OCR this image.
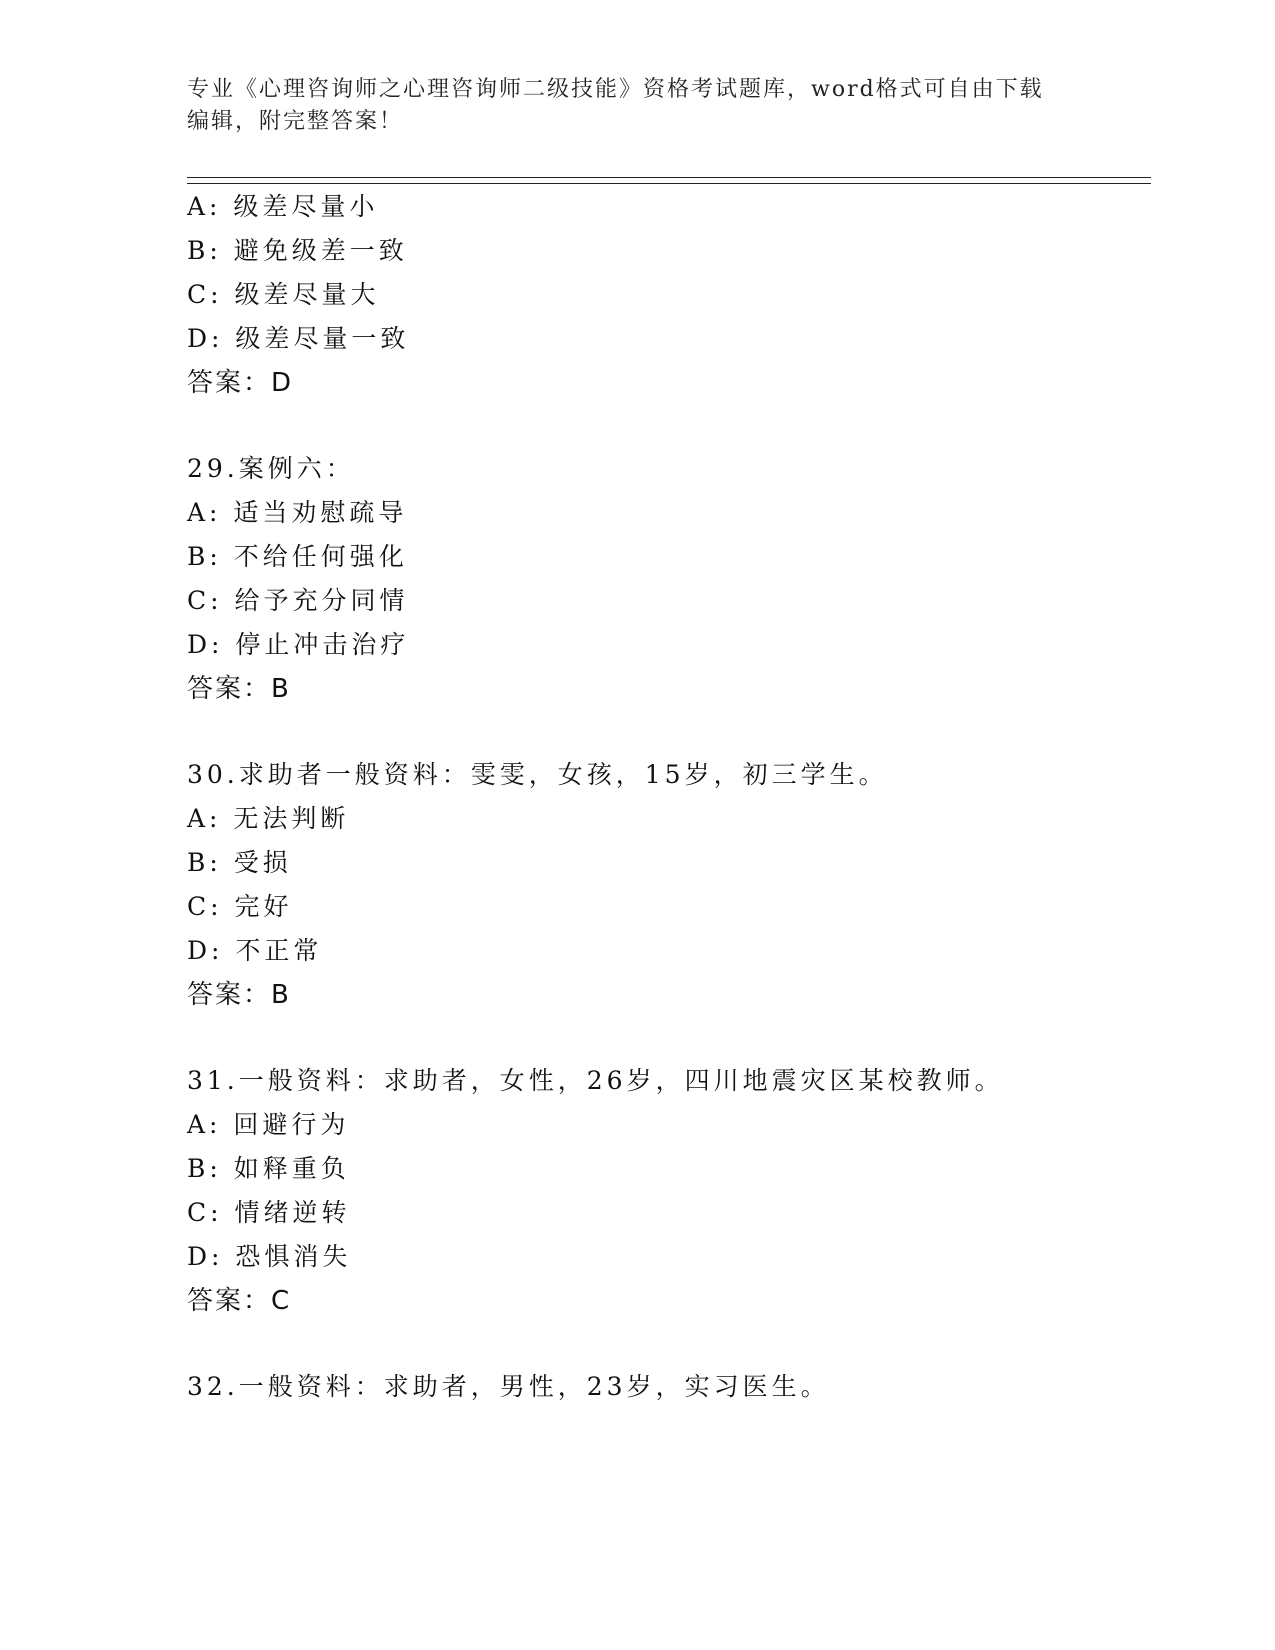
专业《心理咨询师之心理咨询师二级技能》资格考试题库，word格式可自由下载
编辑，附完整答案！
A: 级差尽量小
B: 避免级差一致
C: 级差尽量大
D: 级差尽量一致
答案：D
29.案例六：
A: 适当劝慰疏导
B: 不给任何强化
C: 给予充分同情
D: 停止冲击治疗
答案：B
30.求助者一般资料：雯雯，女孩，15岁，初三学生。
A: 无法判断
B: 受损
C: 完好
D: 不正常
答案：B
31.一般资料：求助者，女性，26岁，四川地震灾区某校教师。
A: 回避行为
B: 如释重负
C: 情绪逆转
D: 恐惧消失
答案：C
32.一般资料：求助者，男性，23岁，实习医生。
